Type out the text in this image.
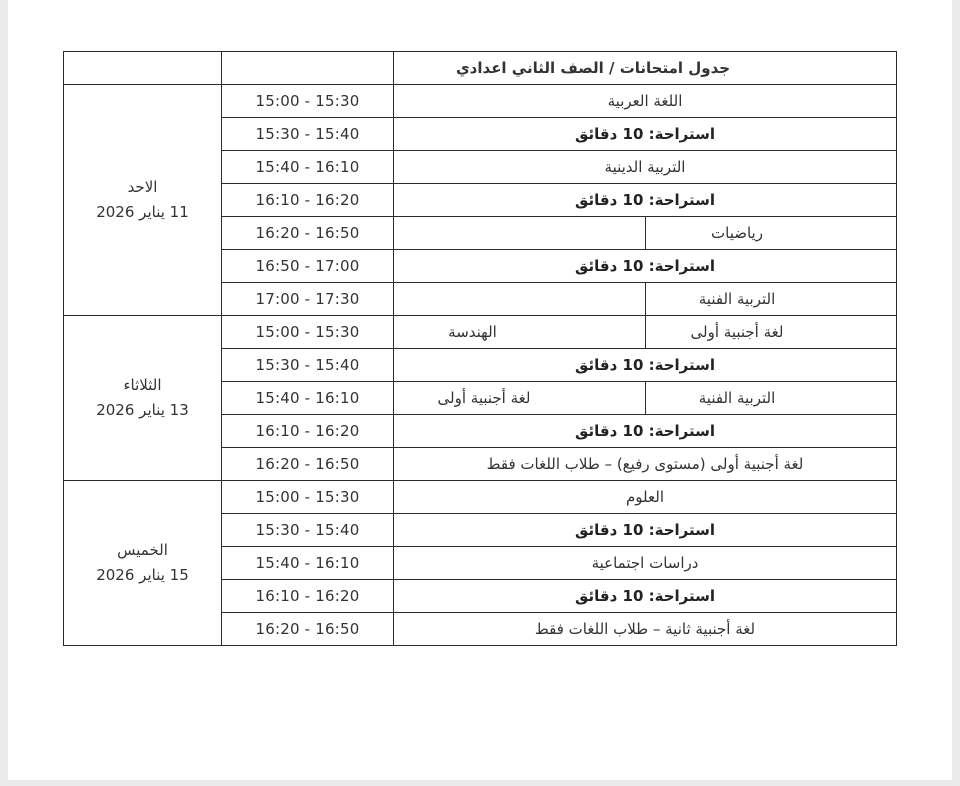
		جدول امتحانات / الصف الثاني اعدادي	

الاحد
11 يناير 2026	15:00 - 15:30	اللغة العربية	
	15:30 - 15:40	استراحة: 10 دقائق	
	15:40 - 16:10	التربية الدينية	
	16:10 - 16:20	استراحة: 10 دقائق	
	16:20 - 16:50		رياضيات
	16:50 - 17:00	استراحة: 10 دقائق	
	17:00 - 17:30		التربية الفنية

الثلاثاء
13 يناير 2026	15:00 - 15:30	الهندسة	لغة أجنبية أولى
	15:30 - 15:40	استراحة: 10 دقائق	
	15:40 - 16:10	لغة أجنبية أولى	التربية الفنية
	16:10 - 16:20	استراحة: 10 دقائق	
	16:20 - 16:50	لغة أجنبية أولى (مستوى رفيع) – طلاب اللغات فقط	

الخميس
15 يناير 2026	15:00 - 15:30	العلوم	
	15:30 - 15:40	استراحة: 10 دقائق	
	15:40 - 16:10	دراسات اجتماعية	
	16:10 - 16:20	استراحة: 10 دقائق	
	16:20 - 16:50	لغة أجنبية ثانية – طلاب اللغات فقط	
